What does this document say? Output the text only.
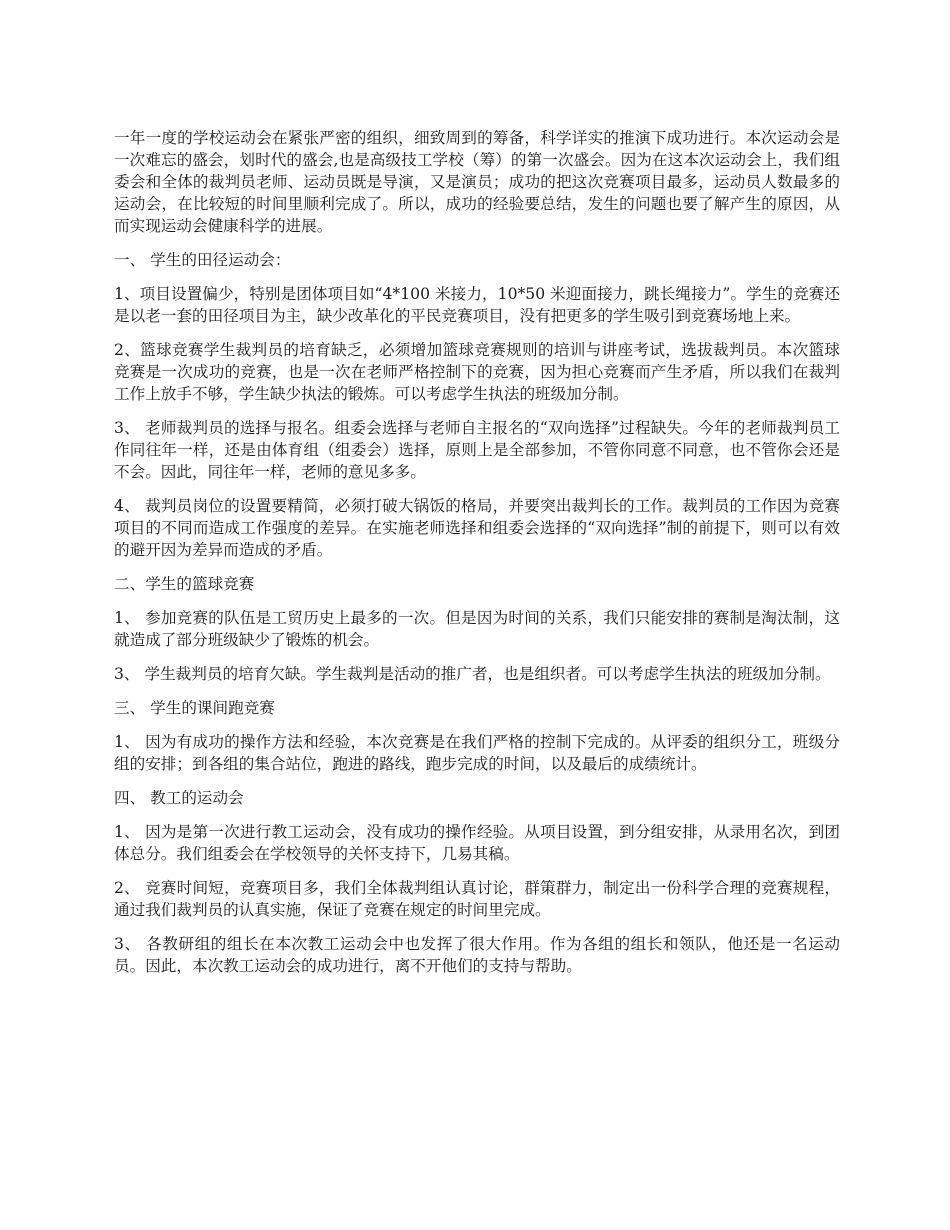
一年一度的学校运动会在紧张严密的组织，细致周到的筹备，科学详实的推演下成功进行。本次运动会是一次难忘的盛会，划时代的盛会,也是高级技工学校（筹）的第一次盛会。因为在这本次运动会上，我们组委会和全体的裁判员老师、运动员既是导演，又是演员；成功的把这次竞赛项目最多，运动员人数最多的运动会，在比较短的时间里顺利完成了。所以，成功的经验要总结，发生的问题也要了解产生的原因，从而实现运动会健康科学的进展。

一、 学生的田径运动会：

1、项目设置偏少，特别是团体项目如“4*100 米接力，10*50 米迎面接力，跳长绳接力”。学生的竞赛还是以老一套的田径项目为主，缺少改革化的平民竞赛项目，没有把更多的学生吸引到竞赛场地上来。

2、篮球竞赛学生裁判员的培育缺乏，必须增加篮球竞赛规则的培训与讲座考试，选拔裁判员。本次篮球竞赛是一次成功的竞赛，也是一次在老师严格控制下的竞赛，因为担心竞赛而产生矛盾，所以我们在裁判工作上放手不够，学生缺少执法的锻炼。可以考虑学生执法的班级加分制。

3、 老师裁判员的选择与报名。组委会选择与老师自主报名的“双向选择”过程缺失。今年的老师裁判员工作同往年一样，还是由体育组（组委会）选择，原则上是全部参加，不管你同意不同意，也不管你会还是不会。因此，同往年一样，老师的意见多多。

4、 裁判员岗位的设置要精简，必须打破大锅饭的格局，并要突出裁判长的工作。裁判员的工作因为竞赛项目的不同而造成工作强度的差异。在实施老师选择和组委会选择的“双向选择”制的前提下，则可以有效的避开因为差异而造成的矛盾。

二、学生的篮球竞赛

1、 参加竞赛的队伍是工贸历史上最多的一次。但是因为时间的关系，我们只能安排的赛制是淘汰制，这就造成了部分班级缺少了锻炼的机会。

3、 学生裁判员的培育欠缺。学生裁判是活动的推广者，也是组织者。可以考虑学生执法的班级加分制。

三、 学生的课间跑竞赛

1、 因为有成功的操作方法和经验，本次竞赛是在我们严格的控制下完成的。从评委的组织分工，班级分组的安排；到各组的集合站位，跑进的路线，跑步完成的时间，以及最后的成绩统计。

四、 教工的运动会

1、 因为是第一次进行教工运动会，没有成功的操作经验。从项目设置，到分组安排，从录用名次，到团体总分。我们组委会在学校领导的关怀支持下，几易其稿。

2、 竞赛时间短，竞赛项目多，我们全体裁判组认真讨论，群策群力，制定出一份科学合理的竞赛规程，通过我们裁判员的认真实施，保证了竞赛在规定的时间里完成。

3、 各教研组的组长在本次教工运动会中也发挥了很大作用。作为各组的组长和领队，他还是一名运动员。因此，本次教工运动会的成功进行，离不开他们的支持与帮助。
